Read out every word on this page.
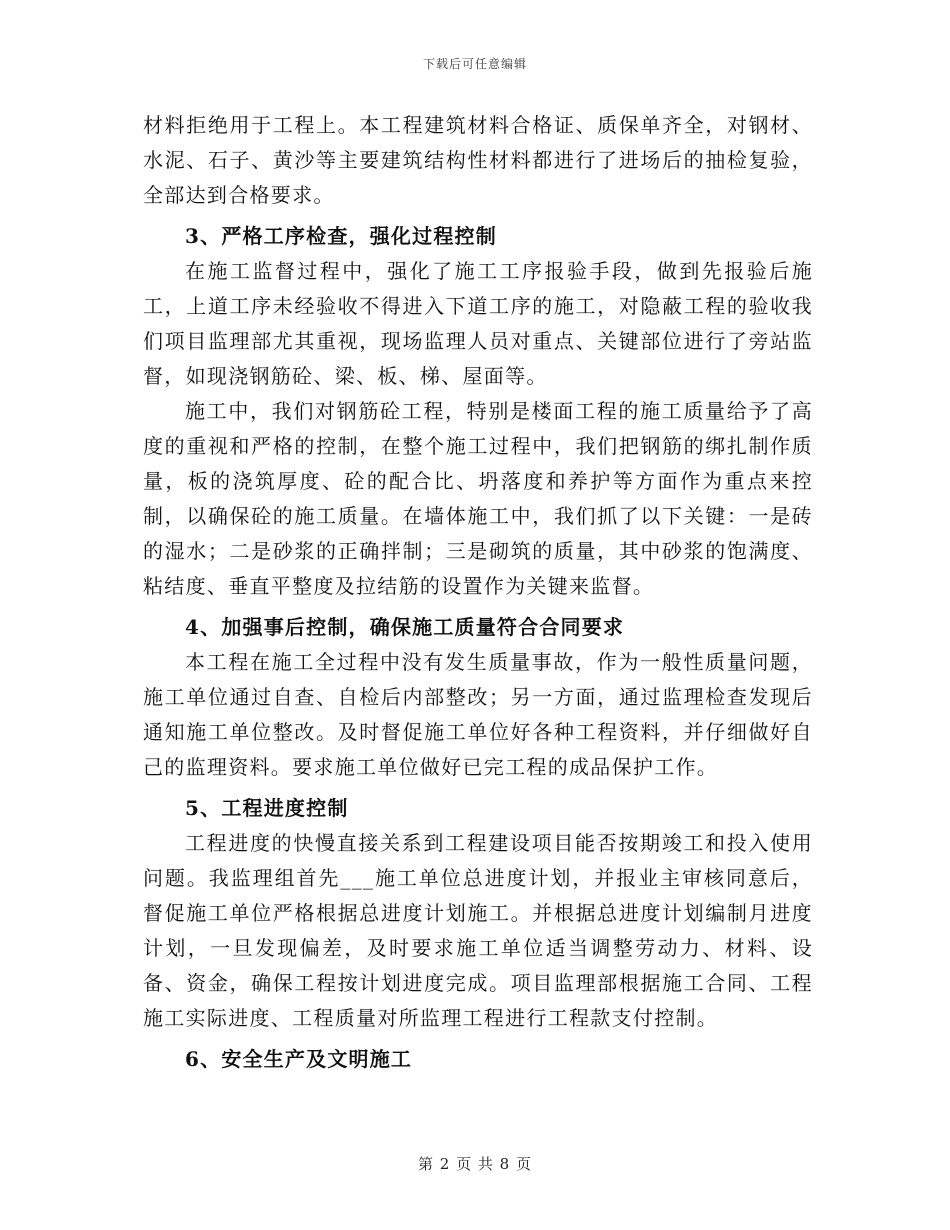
下载后可任意编辑

材料拒绝用于工程上。本工程建筑材料合格证、质保单齐全，对钢材、水泥、石子、黄沙等主要建筑结构性材料都进行了进场后的抽检复验，全部达到合格要求。

3、严格工序检查，强化过程控制

在施工监督过程中，强化了施工工序报验手段，做到先报验后施工，上道工序未经验收不得进入下道工序的施工，对隐蔽工程的验收我们项目监理部尤其重视，现场监理人员对重点、关键部位进行了旁站监督，如现浇钢筋砼、梁、板、梯、屋面等。

施工中，我们对钢筋砼工程，特别是楼面工程的施工质量给予了高度的重视和严格的控制，在整个施工过程中，我们把钢筋的绑扎制作质量，板的浇筑厚度、砼的配合比、坍落度和养护等方面作为重点来控制，以确保砼的施工质量。在墙体施工中，我们抓了以下关键：一是砖的湿水；二是砂浆的正确拌制；三是砌筑的质量，其中砂浆的饱满度、粘结度、垂直平整度及拉结筋的设置作为关键来监督。

4、加强事后控制，确保施工质量符合合同要求

本工程在施工全过程中没有发生质量事故，作为一般性质量问题，施工单位通过自查、自检后内部整改；另一方面，通过监理检查发现后通知施工单位整改。及时督促施工单位好各种工程资料，并仔细做好自己的监理资料。要求施工单位做好已完工程的成品保护工作。

5、工程进度控制

工程进度的快慢直接关系到工程建设项目能否按期竣工和投入使用问题。我监理组首先___施工单位总进度计划，并报业主审核同意后，督促施工单位严格根据总进度计划施工。并根据总进度计划编制月进度计划，一旦发现偏差，及时要求施工单位适当调整劳动力、材料、设备、资金，确保工程按计划进度完成。项目监理部根据施工合同、工程施工实际进度、工程质量对所监理工程进行工程款支付控制。

6、安全生产及文明施工

第 2 页 共 8 页
